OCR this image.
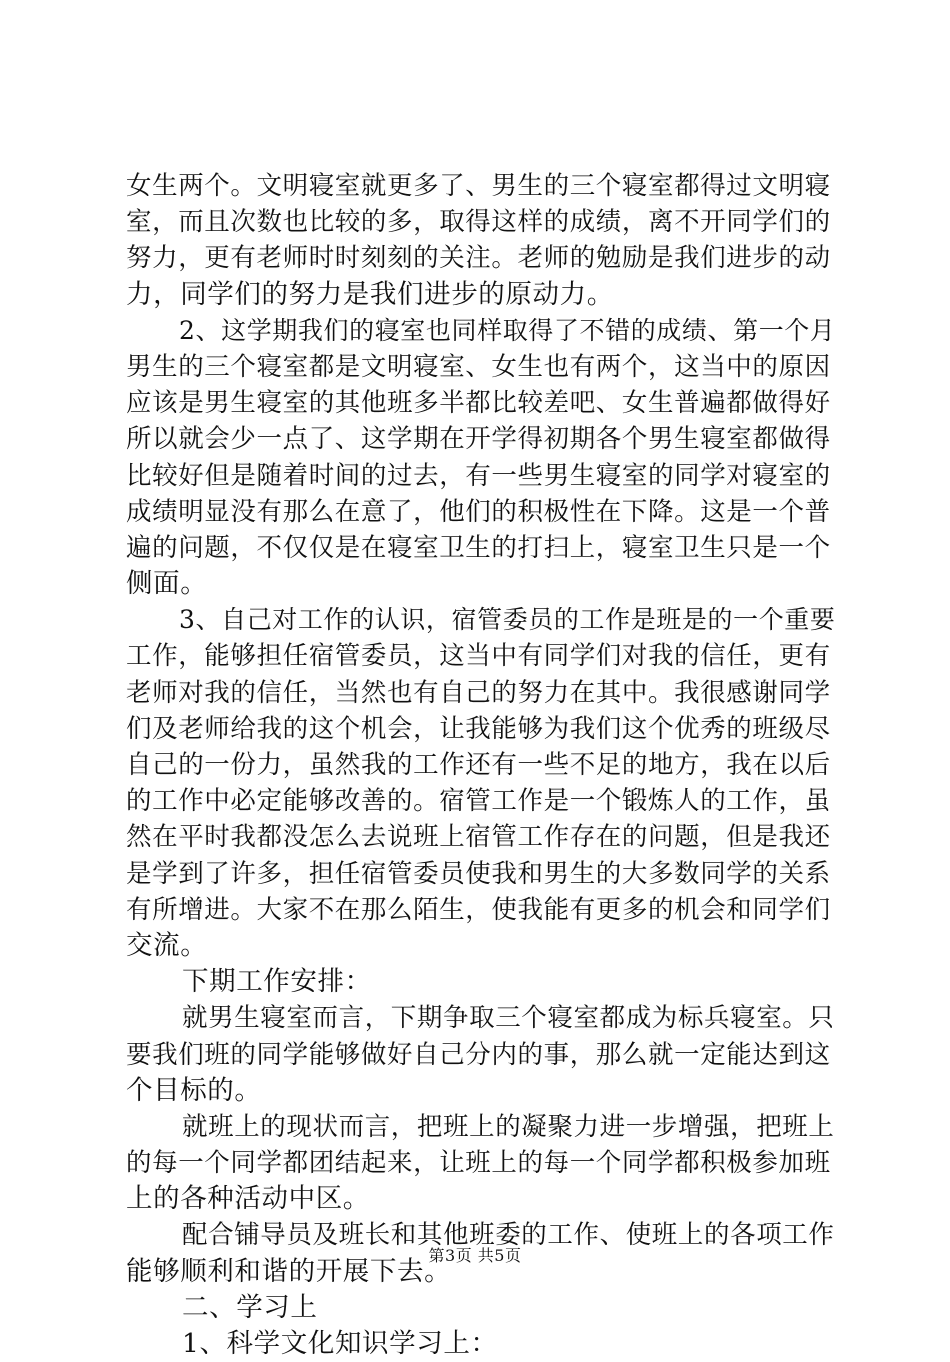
女生两个。文明寝室就更多了、男生的三个寝室都得过文明寝
室，而且次数也比较的多，取得这样的成绩，离不开同学们的
努力，更有老师时时刻刻的关注。老师的勉励是我们进步的动
力，同学们的努力是我们进步的原动力。
2、这学期我们的寝室也同样取得了不错的成绩、第一个月
男生的三个寝室都是文明寝室、女生也有两个，这当中的原因
应该是男生寝室的其他班多半都比较差吧、女生普遍都做得好
所以就会少一点了、这学期在开学得初期各个男生寝室都做得
比较好但是随着时间的过去，有一些男生寝室的同学对寝室的
成绩明显没有那么在意了，他们的积极性在下降。这是一个普
遍的问题，不仅仅是在寝室卫生的打扫上，寝室卫生只是一个
侧面。
3、自己对工作的认识，宿管委员的工作是班是的一个重要
工作，能够担任宿管委员，这当中有同学们对我的信任，更有
老师对我的信任，当然也有自己的努力在其中。我很感谢同学
们及老师给我的这个机会，让我能够为我们这个优秀的班级尽
自己的一份力，虽然我的工作还有一些不足的地方，我在以后
的工作中必定能够改善的。宿管工作是一个锻炼人的工作，虽
然在平时我都没怎么去说班上宿管工作存在的问题，但是我还
是学到了许多，担任宿管委员使我和男生的大多数同学的关系
有所增进。大家不在那么陌生，使我能有更多的机会和同学们
交流。
下期工作安排：
就男生寝室而言，下期争取三个寝室都成为标兵寝室。只
要我们班的同学能够做好自己分内的事，那么就一定能达到这
个目标的。
就班上的现状而言，把班上的凝聚力进一步增强，把班上
的每一个同学都团结起来，让班上的每一个同学都积极参加班
上的各种活动中区。
配合铺导员及班长和其他班委的工作、使班上的各项工作
能够顺利和谐的开展下去。
二、学习上
1、科学文化知识学习上：
第3页 共5页
